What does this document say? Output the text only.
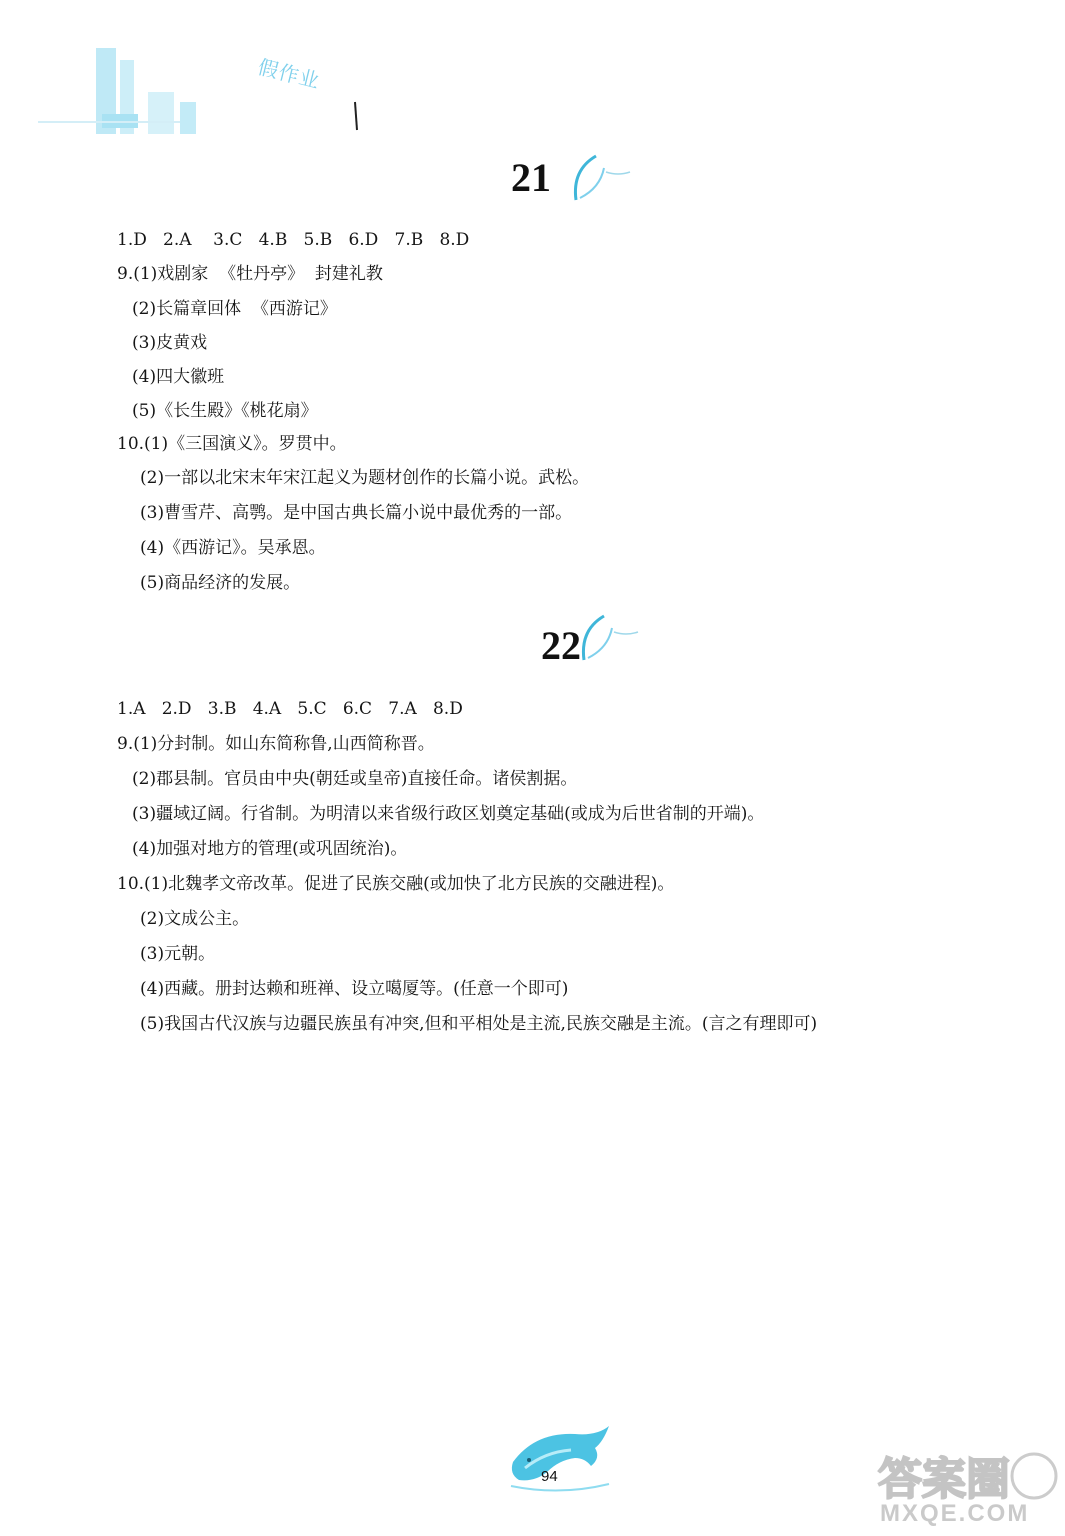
假作业
21
1.D   2.A    3.C   4.B   5.B   6.D   7.B   8.D
9.(1)戏剧家  《牡丹亭》  封建礼教
(2)长篇章回体  《西游记》
(3)皮黄戏
(4)四大徽班
(5)《长生殿》《桃花扇》
10.(1)《三国演义》。罗贯中。
(2)一部以北宋末年宋江起义为题材创作的长篇小说。武松。
(3)曹雪芹、高鹗。是中国古典长篇小说中最优秀的一部。
(4)《西游记》。吴承恩。
(5)商品经济的发展。
22
1.A   2.D   3.B   4.A   5.C   6.C   7.A   8.D
9.(1)分封制。如山东简称鲁,山西简称晋。
(2)郡县制。官员由中央(朝廷或皇帝)直接任命。诸侯割据。
(3)疆域辽阔。行省制。为明清以来省级行政区划奠定基础(或成为后世省制的开端)。
(4)加强对地方的管理(或巩固统治)。
10.(1)北魏孝文帝改革。促进了民族交融(或加快了北方民族的交融进程)。
(2)文成公主。
(3)元朝。
(4)西藏。册封达赖和班禅、设立噶厦等。(任意一个即可)
(5)我国古代汉族与边疆民族虽有冲突,但和平相处是主流,民族交融是主流。(言之有理即可)
94	答案圈
MXQE.COM
